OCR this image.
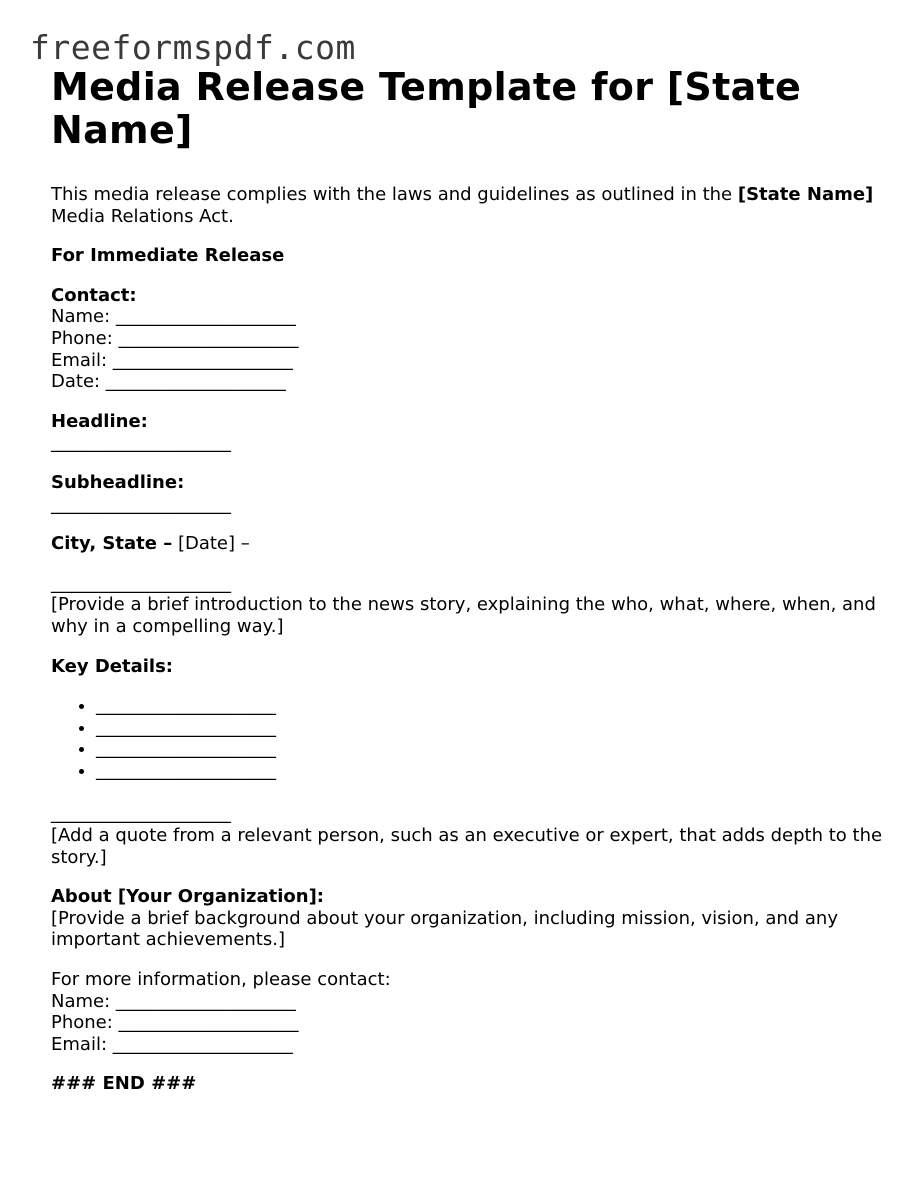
freeformspdf.com
Media Release Template for [State Name]

This media release complies with the laws and guidelines as outlined in the [State Name] Media Relations Act.

For Immediate Release

Contact:
Name: ____________________
Phone: ____________________
Email: ____________________
Date: ____________________

Headline:
____________________

Subheadline:
____________________

City, State – [Date] –

____________________
[Provide a brief introduction to the news story, explaining the who, what, where, when, and why in a compelling way.]

Key Details:

• ____________________
• ____________________
• ____________________
• ____________________

____________________
[Add a quote from a relevant person, such as an executive or expert, that adds depth to the story.]

About [Your Organization]:
[Provide a brief background about your organization, including mission, vision, and any important achievements.]

For more information, please contact:
Name: ____________________
Phone: ____________________
Email: ____________________

### END ###
